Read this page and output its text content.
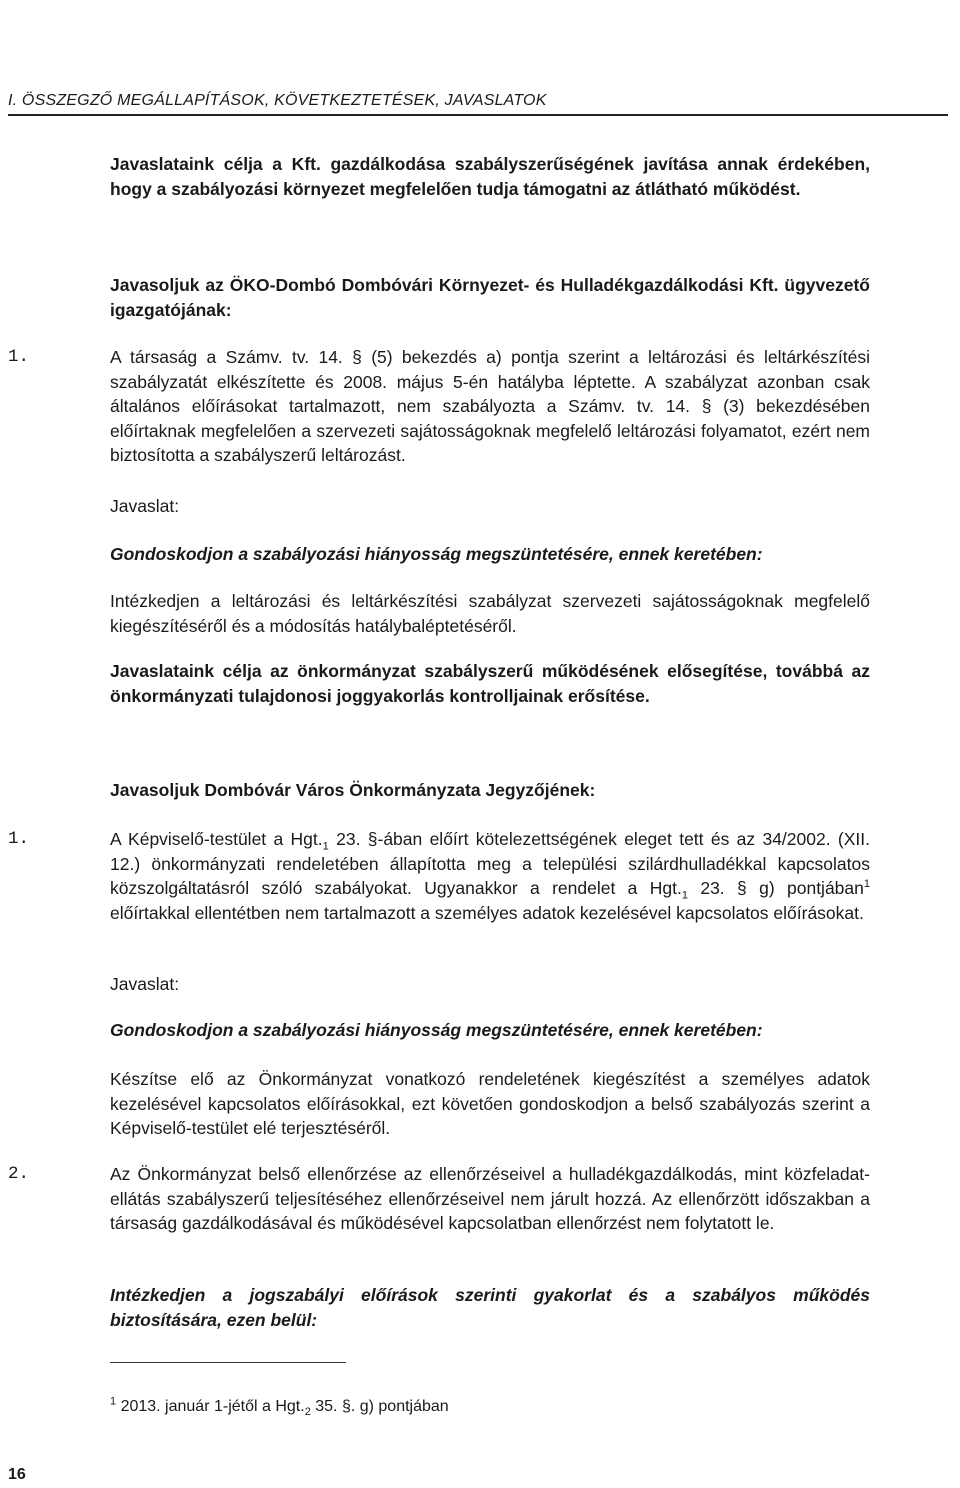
I. ÖSSZEGZŐ MEGÁLLAPÍTÁSOK, KÖVETKEZTETÉSEK, JAVASLATOK
Javaslataink célja a Kft. gazdálkodása szabályszerűségének javítása annak érdekében, hogy a szabályozási környezet megfelelően tudja támogatni az átlátható működést.
Javasoljuk az ÖKO-Dombó Dombóvári Környezet- és Hulladékgazdálkodási Kft. ügyvezető igazgatójának:
1.	A társaság a Számv. tv. 14. § (5) bekezdés a) pontja szerint a leltározási és leltárkészítési szabályzatát elkészítette és 2008. május 5-én hatályba léptette. A szabályzat azonban csak általános előírásokat tartalmazott, nem szabályozta a Számv. tv. 14. § (3) bekezdésében előírtaknak megfelelően a szervezeti sajátosságoknak megfelelő leltározási folyamatot, ezért nem biztosította a szabályszerű leltározást.
Javaslat:
Gondoskodjon a szabályozási hiányosság megszüntetésére, ennek keretében:
Intézkedjen a leltározási és leltárkészítési szabályzat szervezeti sajátosságoknak megfelelő kiegészítéséről és a módosítás hatálybaléptetéséről.
Javaslataink célja az önkormányzat szabályszerű működésének elősegítése, továbbá az önkormányzati tulajdonosi joggyakorlás kontrolljainak erősítése.
Javasoljuk Dombóvár Város Önkormányzata Jegyzőjének:
1.	A Képviselő-testület a $Hgt._1$ 23. §-ában előírt kötelezettségének eleget tett és az 34/2002. (XII. 12.) önkormányzati rendeletében állapította meg a települési szilárdhulladékkal kapcsolatos közszolgáltatásról szóló szabályokat. Ugyanakkor a rendelet a $Hgt._1$ 23. § g) pontjában$^1$ előírtakkal ellentétben nem tartalmazott a személyes adatok kezelésével kapcsolatos előírásokat.
Javaslat:
Gondoskodjon a szabályozási hiányosság megszüntetésére, ennek keretében:
Készítse elő az Önkormányzat vonatkozó rendeletének kiegészítést a személyes adatok kezelésével kapcsolatos előírásokkal, ezt követően gondoskodjon a belső szabályozás szerint a Képviselő-testület elé terjesztéséről.
2.	Az Önkormányzat belső ellenőrzése az ellenőrzéseivel a hulladékgazdálkodás, mint közfeladat-ellátás szabályszerű teljesítéséhez ellenőrzéseivel nem járult hozzá. Az ellenőrzött időszakban a társaság gazdálkodásával és működésével kapcsolatban ellenőrzést nem folytatott le.
Intézkedjen a jogszabályi előírások szerinti gyakorlat és a szabályos működés biztosítására, ezen belül:
$^1$ 2013. január 1-jétől a $Hgt._2$ 35. §. g) pontjában
16
